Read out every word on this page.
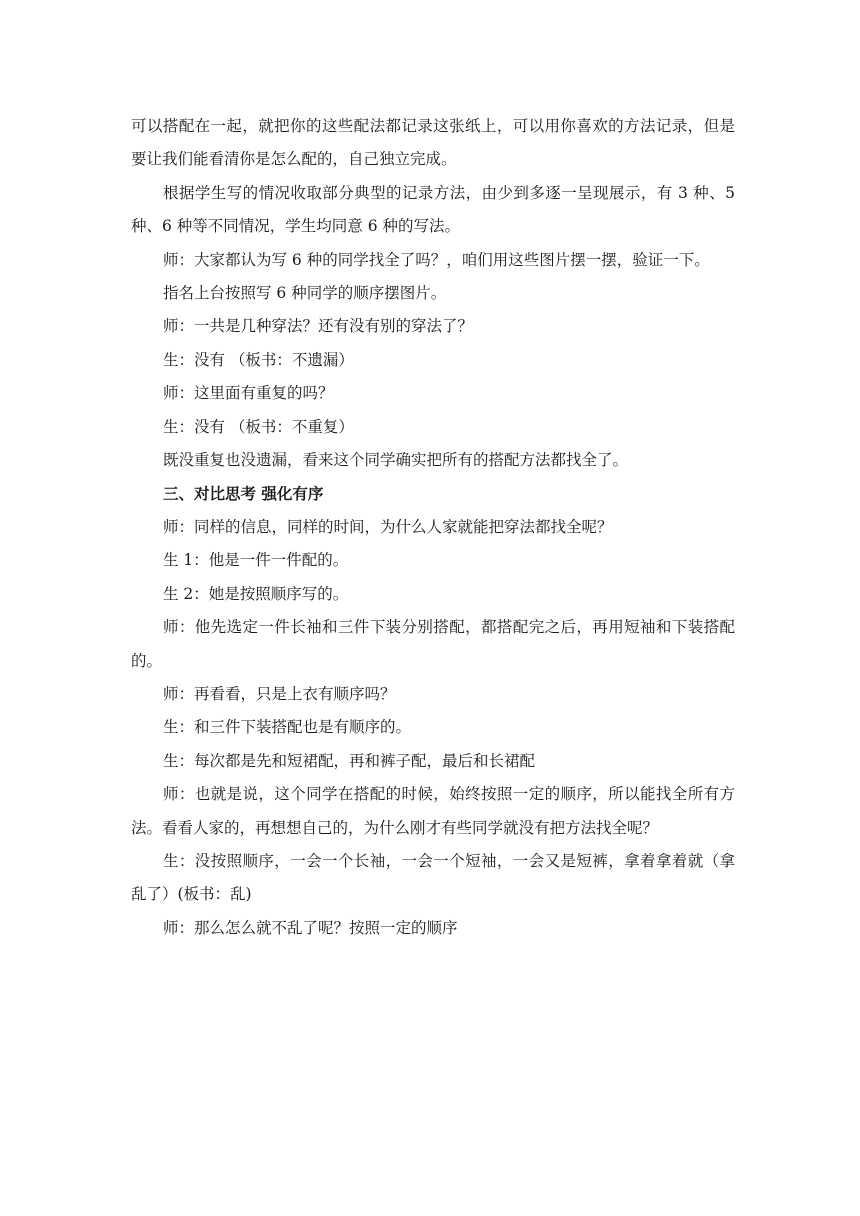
可以搭配在一起，就把你的这些配法都记录这张纸上，可以用你喜欢的方法记录，但是要让我们能看清你是怎么配的，自己独立完成。

根据学生写的情况收取部分典型的记录方法，由少到多逐一呈现展示，有 3 种、5 种、6 种等不同情况，学生均同意 6 种的写法。

师：大家都认为写 6 种的同学找全了吗？，咱们用这些图片摆一摆，验证一下。

指名上台按照写 6 种同学的顺序摆图片。

师：一共是几种穿法？还有没有别的穿法了？

生：没有 （板书：不遗漏）

师：这里面有重复的吗？

生：没有 （板书：不重复）

既没重复也没遗漏，看来这个同学确实把所有的搭配方法都找全了。

三、对比思考 强化有序

师：同样的信息，同样的时间，为什么人家就能把穿法都找全呢？

生 1：他是一件一件配的。

生 2：她是按照顺序写的。

师：他先选定一件长袖和三件下装分别搭配，都搭配完之后，再用短袖和下装搭配的。

师：再看看，只是上衣有顺序吗？

生：和三件下装搭配也是有顺序的。

生：每次都是先和短裙配，再和裤子配，最后和长裙配

师：也就是说，这个同学在搭配的时候，始终按照一定的顺序，所以能找全所有方法。看看人家的，再想想自己的，为什么刚才有些同学就没有把方法找全呢？

生：没按照顺序，一会一个长袖，一会一个短袖，一会又是短裤，拿着拿着就（拿乱了）(板书：乱)

师：那么怎么就不乱了呢？按照一定的顺序
